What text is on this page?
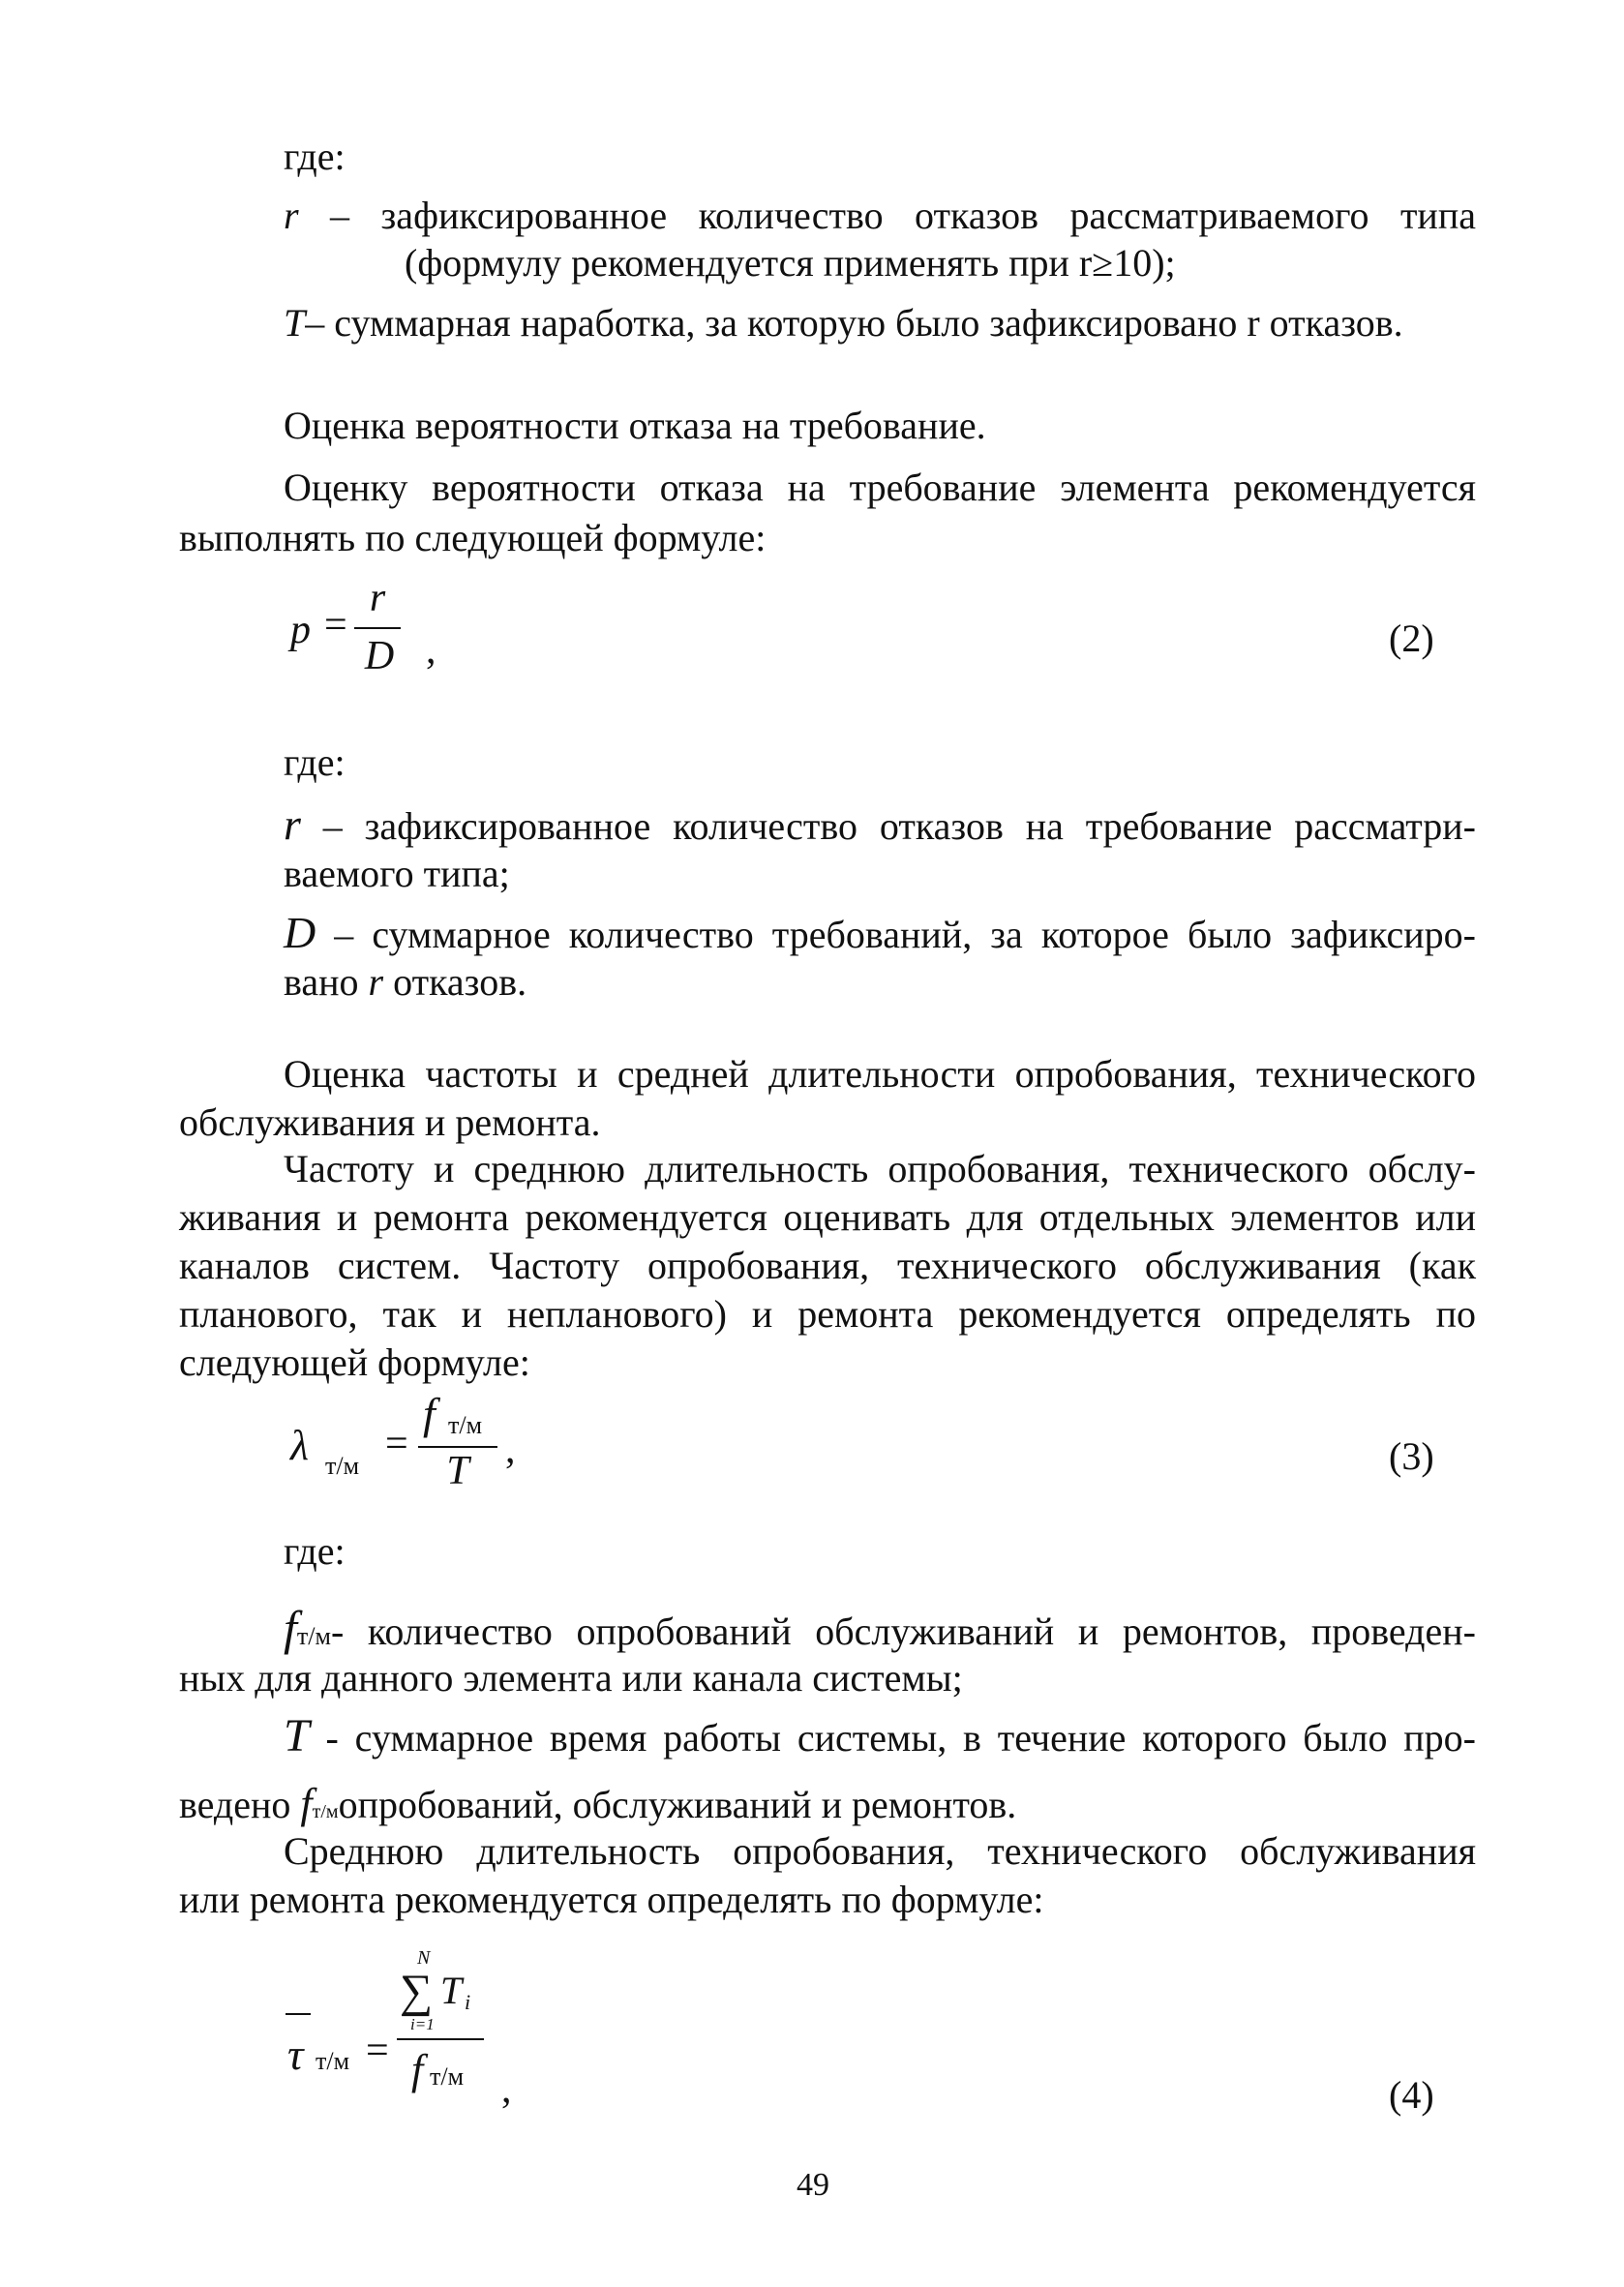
где:
r – зафиксированное количество отказов рассматриваемого типа
(формулу рекомендуется применять при r≥10);
T– суммарная наработка, за которую было зафиксировано r отказов.
Оценка вероятности отказа на требование.
Оценку вероятности отказа на требование элемента рекомендуется
выполнять по следующей формуле:
p =
r
D ,	(2)
где:
r – зафиксированное количество отказов на требование рассматри-
ваемого типа;
D – суммарное количество требований, за которое было зафиксиро-
вано r отказов.
Оценка частоты и средней длительности опробования, технического
обслуживания и ремонта.
Частоту и среднюю длительность опробования, технического обслу-
живания и ремонта рекомендуется оценивать для отдельных элементов или
каналов систем. Частоту опробования, технического обслуживания (как
планового, так и непланового) и ремонта рекомендуется определять по
следующей формуле:
λ т/м =
f т/м
T ,	(3)
где:
fт/м- количество опробований обслуживаний и ремонтов, проведен-
ных для данного элемента или канала системы;
T - суммарное время работы системы, в течение которого было про-
ведено fт/мопробований, обслуживаний и ремонтов.
Среднюю длительность опробования, технического обслуживания
или ремонта рекомендуется определять по формуле:
τ т/м =
N
∑ T i
i=1
f т/м ,	(4)
49
